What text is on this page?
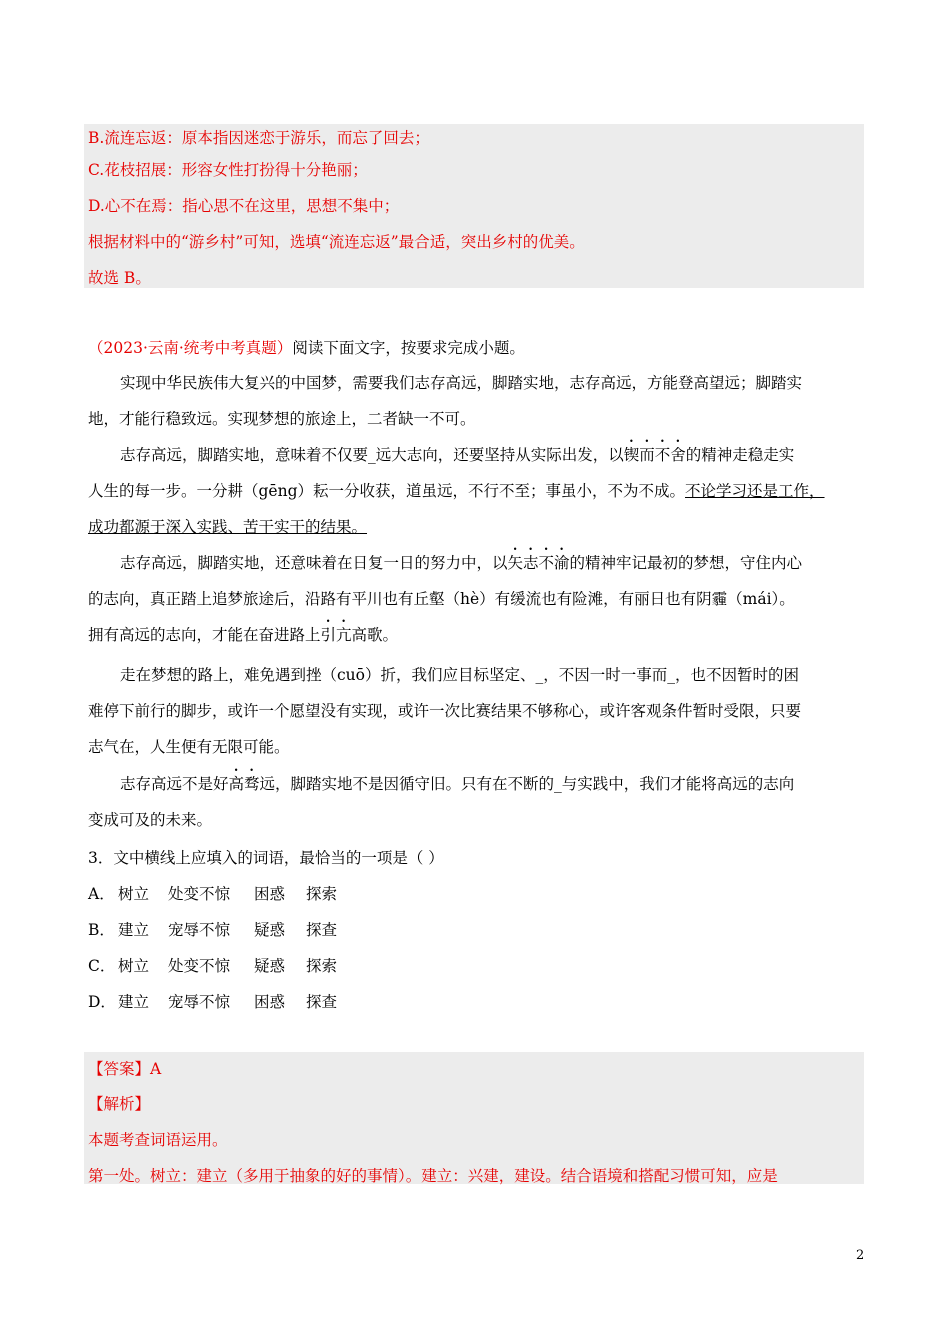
B.流连忘返：原本指因迷恋于游乐，而忘了回去；
C.花枝招展：形容女性打扮得十分艳丽；
D.心不在焉：指心思不在这里，思想不集中；
根据材料中的“游乡村”可知，选填“流连忘返”最合适，突出乡村的优美。
故选 B。
（2023·云南·统考中考真题）阅读下面文字，按要求完成小题。
实现中华民族伟大复兴的中国梦，需要我们志存高远，脚踏实地，志存高远，方能登高望远；脚踏实
地，才能行稳致远。实现梦想的旅途上，二者缺一不可。
志存高远，脚踏实地，意味着不仅要_远大志向，还要坚持从实际出发，以锲而不舍的精神走稳走实
人生的每一步。一分耕（gēng）耘一分收获，道虽远，不行不至；事虽小，不为不成。不论学习还是工作，
成功都源于深入实践、苦干实干的结果。
志存高远，脚踏实地，还意味着在日复一日的努力中，以矢志不渝的精神牢记最初的梦想，守住内心
的志向，真正踏上追梦旅途后，沿路有平川也有丘壑（hè）有缓流也有险滩，有丽日也有阴霾（mái）。
拥有高远的志向，才能在奋进路上引亢高歌。
走在梦想的路上，难免遇到挫（cuō）折，我们应目标坚定、_，不因一时一事而_，也不因暂时的困
难停下前行的脚步，或许一个愿望没有实现，或许一次比赛结果不够称心，或许客观条件暂时受限，只要
志气在，人生便有无限可能。
志存高远不是好高骛远，脚踏实地不是因循守旧。只有在不断的_与实践中，我们才能将高远的志向
变成可及的未来。
3．文中横线上应填入的词语，最恰当的一项是（ ）
A． 树立 处变不惊 困惑 探索
B． 建立 宠辱不惊 疑惑 探查
C． 树立 处变不惊 疑惑 探索
D． 建立 宠辱不惊 困惑 探查
【答案】A
【解析】
本题考查词语运用。
第一处。树立：建立（多用于抽象的好的事情）。建立：兴建，建设。结合语境和搭配习惯可知，应是
2
